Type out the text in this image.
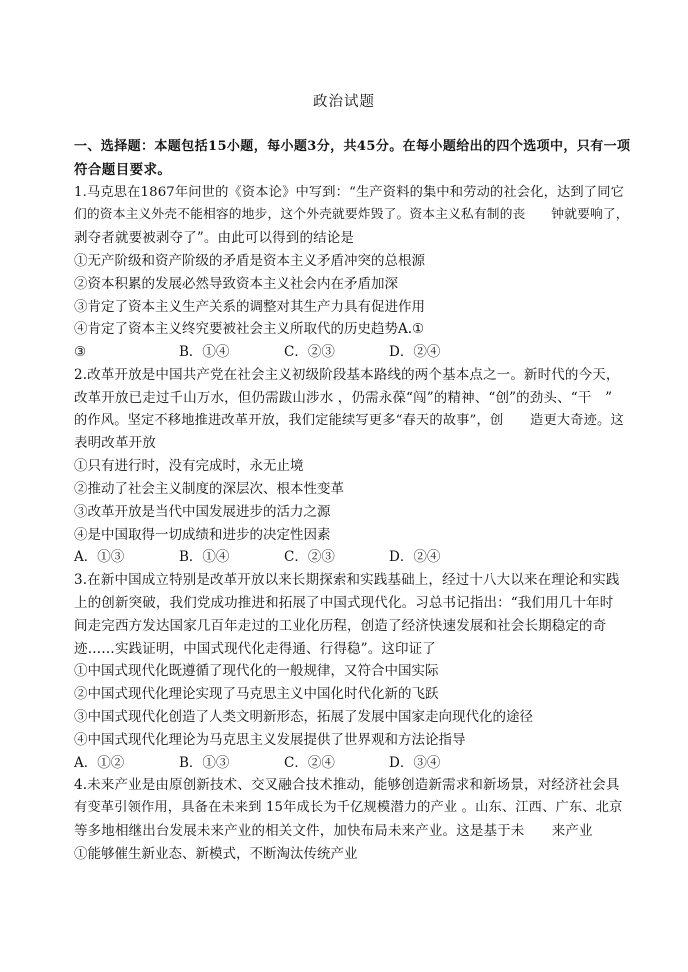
政治试题
一、选择题：本题包括15小题，每小题3分，共45分。在每小题给出的四个选项中，只有一项
符合题目要求。
1.马克思在1867年问世的《资本论》中写到：“生产资料的集中和劳动的社会化，达到了同它
们的资本主义外壳不能相容的地步，这个外壳就要炸毁了。资本主义私有制的丧　　钟就要响了，
剥夺者就要被剥夺了”。由此可以得到的结论是
①无产阶级和资产阶级的矛盾是资本主义矛盾冲突的总根源
②资本积累的发展必然导致资本主义社会内在矛盾加深
③肯定了资本主义生产关系的调整对其生产力具有促进作用
④肯定了资本主义终究要被社会主义所取代的历史趋势A.①
③	B．①④	C．②③	D．②④
2.改革开放是中国共产党在社会主义初级阶段基本路线的两个基本点之一。新时代的今天，
改革开放已走过千山万水，但仍需跋山涉水 ，仍需永葆“闯”的精神、“创”的劲头、“干　”
的作风。坚定不移地推进改革开放，我们定能续写更多“春天的故事”，创　　造更大奇迹。这
表明改革开放
①只有进行时，没有完成时，永无止境
②推动了社会主义制度的深层次、根本性变革
③改革开放是当代中国发展进步的活力之源
④是中国取得一切成绩和进步的决定性因素
A．①③	B．①④	C．②③	D．②④
3.在新中国成立特别是改革开放以来长期探索和实践基础上，经过十八大以来在理论和实践
上的创新突破，我们党成功推进和拓展了中国式现代化。习总书记指出：“我们用几十年时
间走完西方发达国家几百年走过的工业化历程，创造了经济快速发展和社会长期稳定的奇
迹……实践证明，中国式现代化走得通、行得稳”。这印证了
①中国式现代化既遵循了现代化的一般规律，又符合中国实际
②中国式现代化理论实现了马克思主义中国化时代化新的飞跃
③中国式现代化创造了人类文明新形态，拓展了发展中国家走向现代化的途径
④中国式现代化理论为马克思主义发展提供了世界观和方法论指导
A．①②	B．①③	C．②④	D．③④
4.未来产业是由原创新技术、交叉融合技术推动，能够创造新需求和新场景，对经济社会具
有变革引领作用，具备在未来到 15年成长为千亿规模潜力的产业 。山东、江西、广东、北京
等多地相继出台发展未来产业的相关文件，加快布局未来产业。这是基于未　　来产业
①能够催生新业态、新模式，不断淘汰传统产业
